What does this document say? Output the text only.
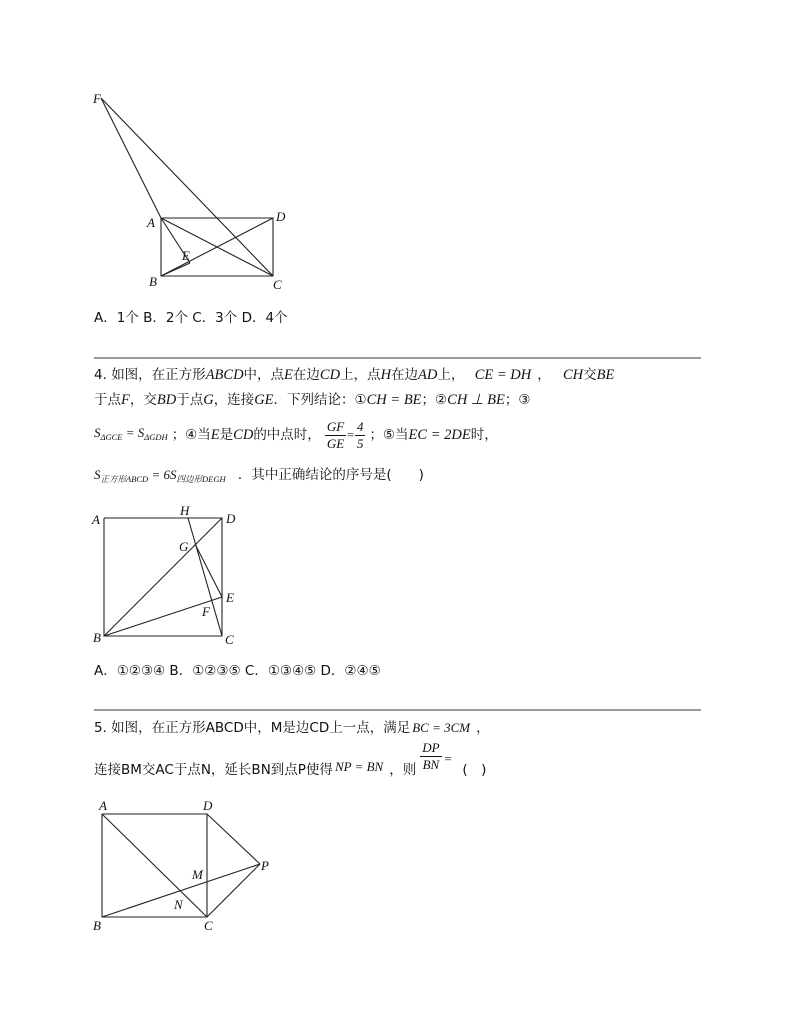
F
A	D
E
B	C
A．1个 B．2个 C．3个 D．4个
4. 如图，在正方形ABCD中，点E在边CD上，点H在边AD上， CE = DH ， CH交BE
于点F，交BD于点G，连接GE．下列结论：①CH = BE；②CH ⊥ BE；③
$S_{\Delta GCE} = S_{\Delta GDH}$ ；④当 E 是 CD 的中点时， $\frac{GF}{GE} = \frac{4}{5}$ ；⑤当 EC = 2DE 时，
$S_{正方形ABCD} = 6S_{四边形DEGH}$ ．其中正确结论的序号是(　　)
A
H
D
G
E
F
B	C
A．①②③④ B．①②③⑤ C．①③④⑤ D．②④⑤
5. 如图，在正方形ABCD中，M是边CD上一点，满足 BC = 3CM ，
连接BM交AC于点N，延长BN到点P使得 NP = BN ，则 $\frac{DP}{BN}$ =
(　)
A	D
M
P
N
B	C
